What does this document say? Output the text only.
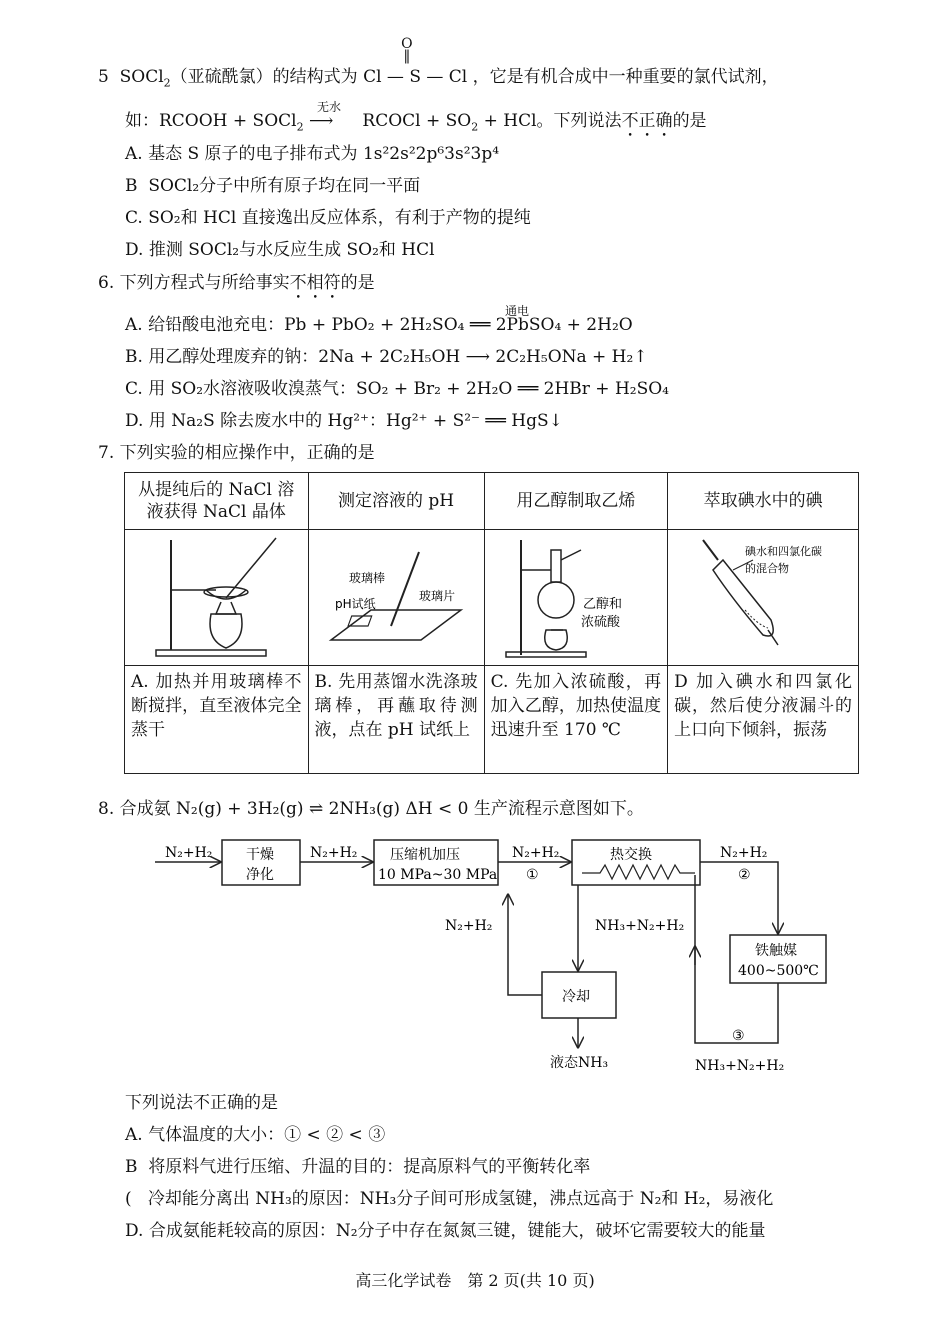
5 SOCl$_2$（亚硫酰氯）的结构式为 Cl — S — Cl
O
‖
，它是有机合成中一种重要的氯代试剂，
如：RCOOH + SOCl$_2$
无水
⟶ RCOCl + $SO_2$ + HCl。下列说法不正确的是
A. 基态 S 原子的电子排布式为 1s²2s²2p⁶3s²3p⁴
B SOCl₂分子中所有原子均在同一平面
C. SO₂和 HCl 直接逸出反应体系，有利于产物的提纯
D. 推测 SOCl₂与水反应生成 SO₂和 HCl
6. 下列方程式与所给事实不相符的是
A. 给铅酸电池充电：Pb + PbO₂ + 2H₂SO₄ ══ 2PbSO₄ + 2H₂O
通电
B. 用乙醇处理废弃的钠：2Na + 2C₂H₅OH ⟶ 2C₂H₅ONa + H₂↑
C. 用 SO₂水溶液吸收溴蒸气：SO₂ + Br₂ + 2H₂O ══ 2HBr + H₂SO₄
D. 用 Na₂S 除去废水中的 Hg²⁺：Hg²⁺ + S²⁻ ══ HgS↓
7. 下列实验的相应操作中，正确的是
从提纯后的 NaCl 溶液获得 NaCl 晶体	测定溶液的 pH	用乙醇制取乙烯	萃取碘水中的碘

玻璃棒
pH试纸
玻璃片	乙醇和
浓硫酸	碘水和四氯化碳
的混合物

A. 加热并用玻璃棒不断搅拌，直至液体完全蒸干	B. 先用蒸馏水洗涤玻璃棒，再蘸取待测液，点在 pH 试纸上	C. 先加入浓硫酸，再加入乙醇，加热使温度迅速升至 170 ℃	D 加入碘水和四氯化碳，然后使分液漏斗的上口向下倾斜，振荡
8. 合成氨 N₂(g) + 3H₂(g) ⇌ 2NH₃(g) ΔH < 0 生产流程示意图如下。
N₂+H₂ 干燥
净化
N₂+H₂ 压缩机加压
10 MPa~30 MPa
N₂+H₂
①
热交换	N₂+H₂
②
铁触媒
400~500℃
③
NH₃+N₂+H₂
NH₃+N₂+H₂
冷却
液态NH₃
N₂+H₂
下列说法不正确的是
A. 气体温度的大小：① < ② < ③
B 将原料气进行压缩、升温的目的：提高原料气的平衡转化率
( 冷却能分离出 NH₃的原因：NH₃分子间可形成氢键，沸点远高于 N₂和 H₂，易液化
D. 合成氨能耗较高的原因：N₂分子中存在氮氮三键，键能大，破坏它需要较大的能量
高三化学试卷　第 2 页(共 10 页)
